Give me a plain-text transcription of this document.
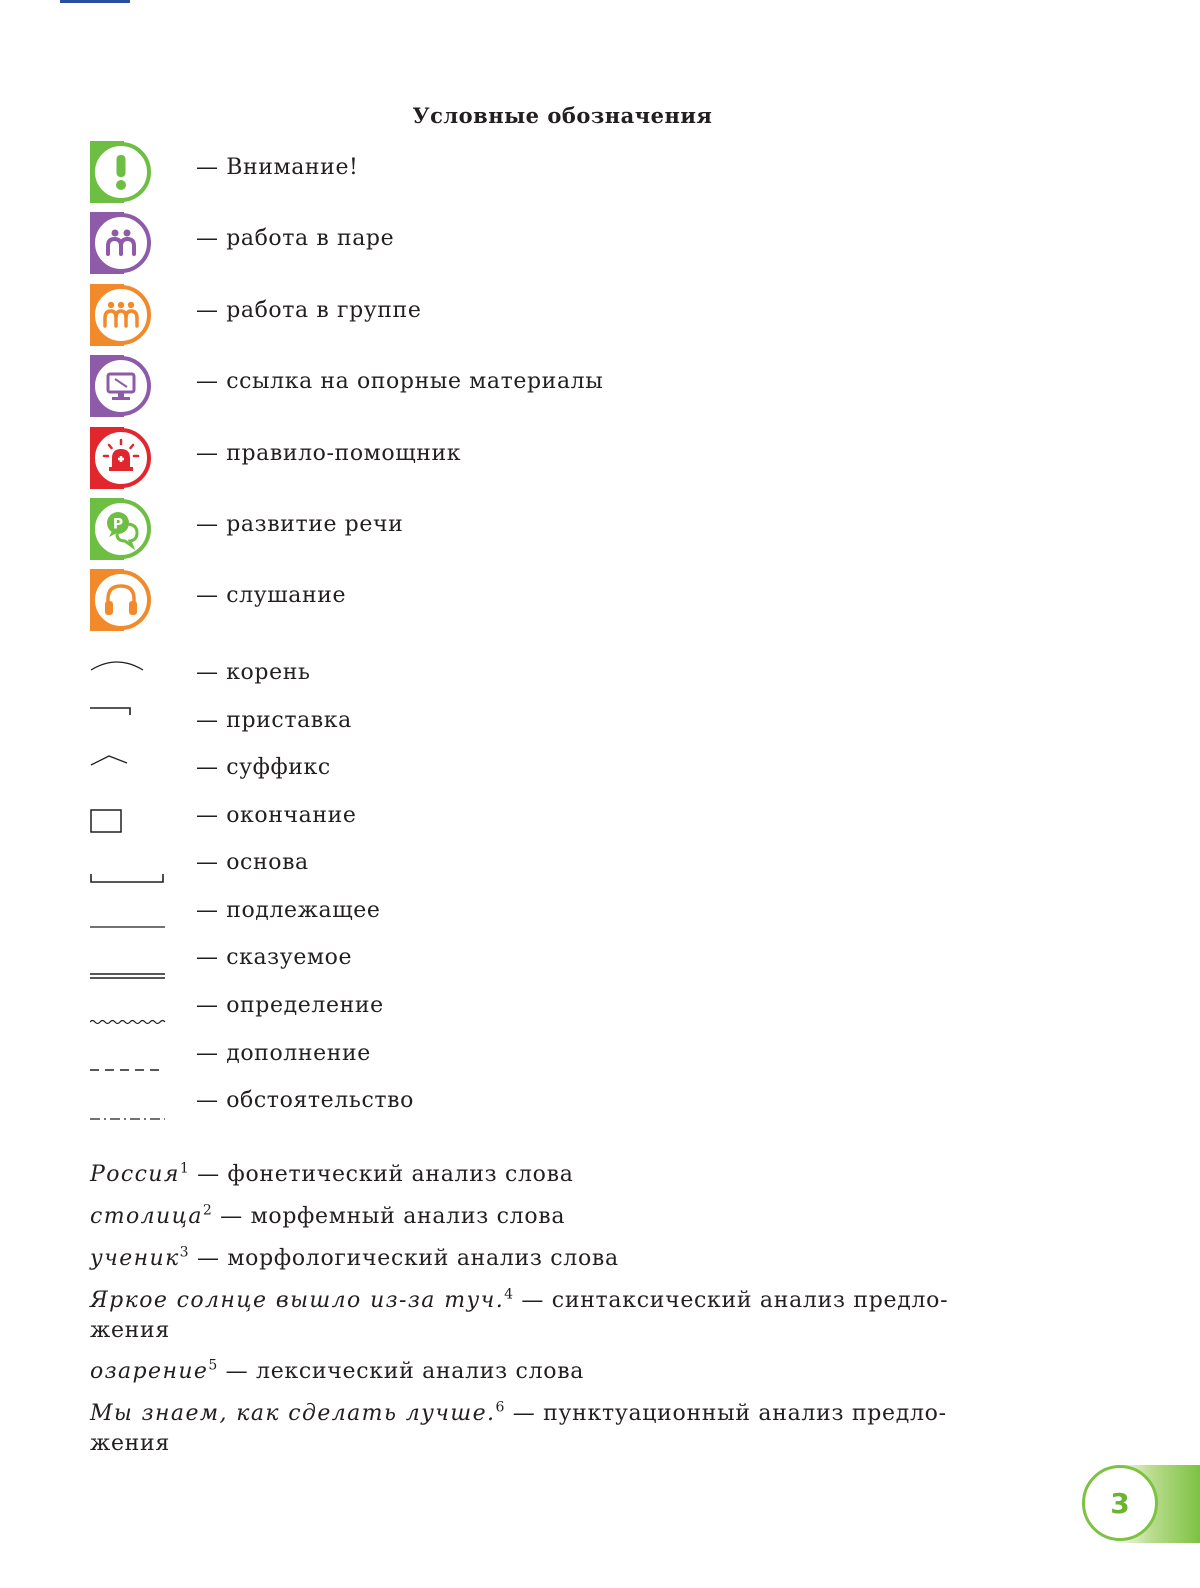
Условные обозначения
— Внимание!
— работа в паре
— работа в группе
— ссылка на опорные материалы
— правило-помощник
P	— развитие речи
— слушание
— корень
— приставка
— суффикс
— окончание
— основа
— подлежащее
— сказуемое
— определение
— дополнение
— обстоятельство
Россия$^1$ — фонетический анализ слова
столица$^2$ — морфемный анализ слова
ученик$^3$ — морфологический анализ слова
Яркое солнце вышло из-за туч.$^4$ — синтаксический анализ предло-
жения
озарение$^5$ — лексический анализ слова
Мы знаем, как сделать лучше.$^6$ — пунктуационный анализ предло-
жения
3
